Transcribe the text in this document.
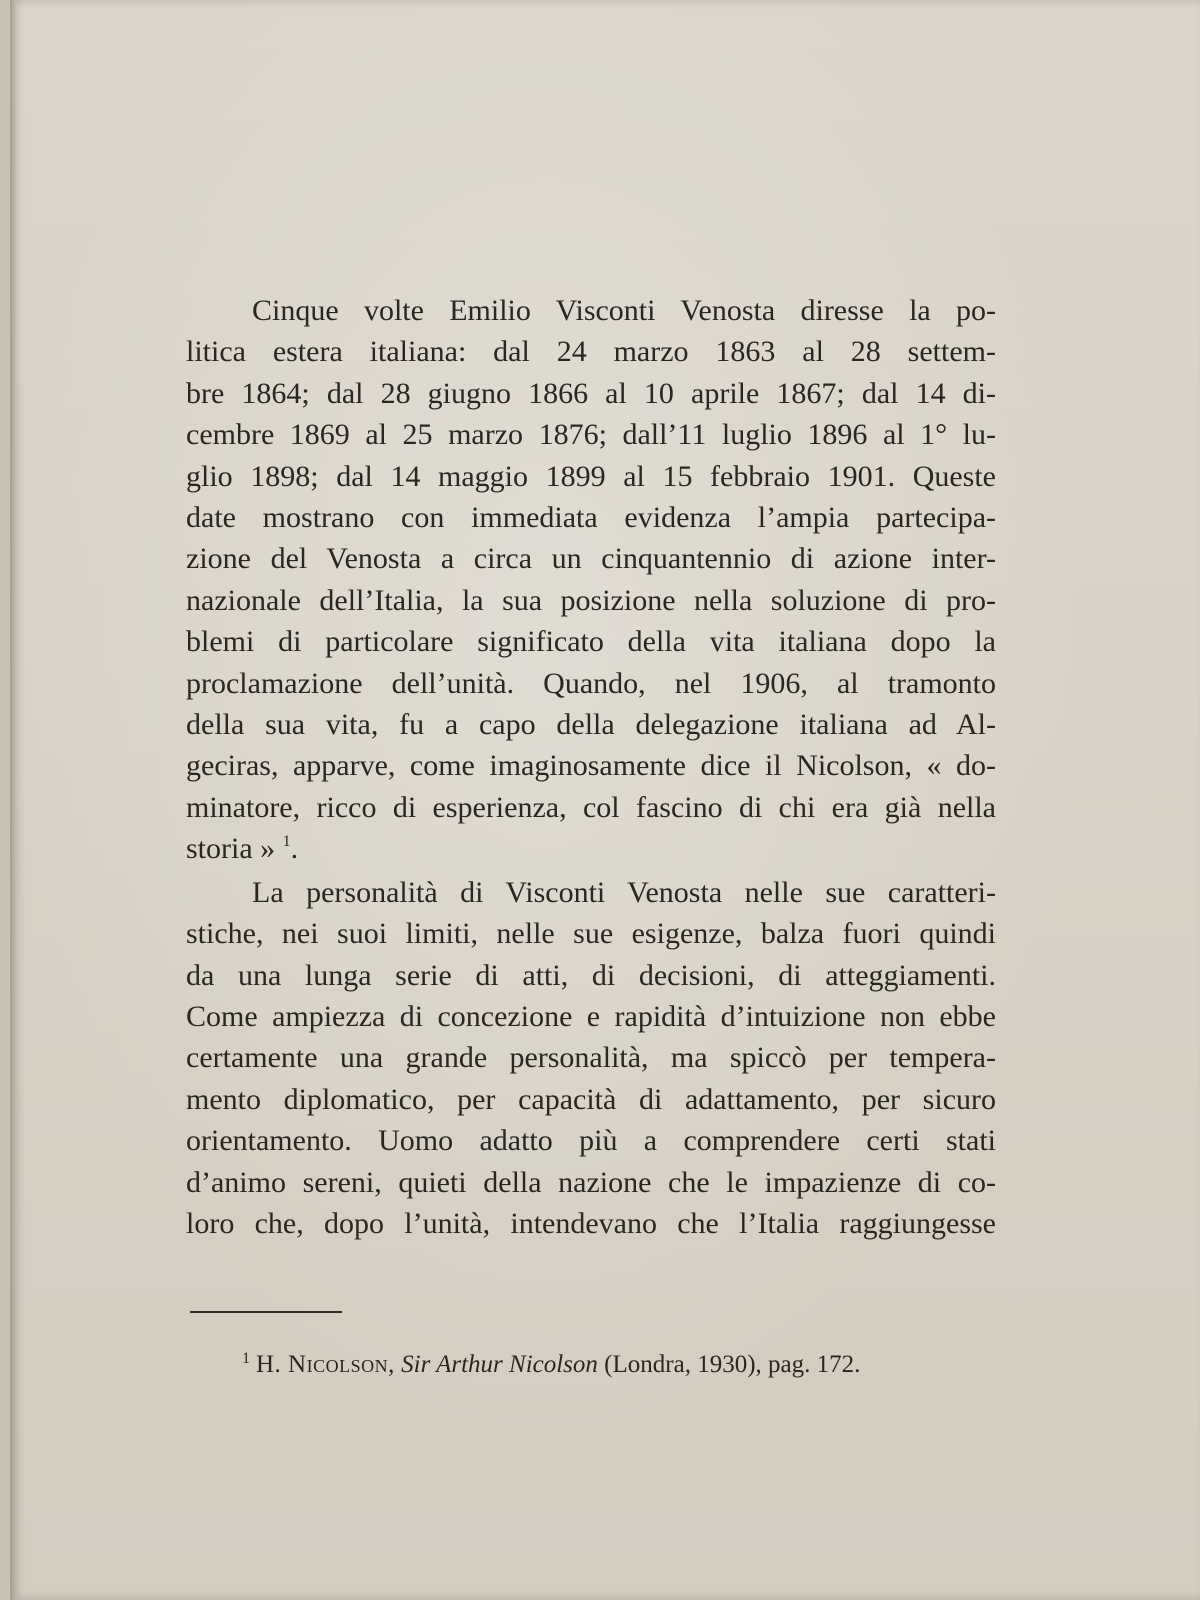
Cinque volte Emilio Visconti Venosta diresse la po-
litica estera italiana: dal 24 marzo 1863 al 28 settem-
bre 1864; dal 28 giugno 1866 al 10 aprile 1867; dal 14 di-
cembre 1869 al 25 marzo 1876; dall’11 luglio 1896 al 1° lu-
glio 1898; dal 14 maggio 1899 al 15 febbraio 1901. Queste
date mostrano con immediata evidenza l’ampia partecipa-
zione del Venosta a circa un cinquantennio di azione inter-
nazionale dell’Italia, la sua posizione nella soluzione di pro-
blemi di particolare significato della vita italiana dopo la
proclamazione dell’unità. Quando, nel 1906, al tramonto
della sua vita, fu a capo della delegazione italiana ad Al-
geciras, apparve, come imaginosamente dice il Nicolson, « do-
minatore, ricco di esperienza, col fascino di chi era già nella
storia » $^1$.
La personalità di Visconti Venosta nelle sue caratteri-
stiche, nei suoi limiti, nelle sue esigenze, balza fuori quindi
da una lunga serie di atti, di decisioni, di atteggiamenti.
Come ampiezza di concezione e rapidità d’intuizione non ebbe
certamente una grande personalità, ma spiccò per tempera-
mento diplomatico, per capacità di adattamento, per sicuro
orientamento. Uomo adatto più a comprendere certi stati
d’animo sereni, quieti della nazione che le impazienze di co-
loro che, dopo l’unità, intendevano che l’Italia raggiungesse
$^1$ H. Nicolson, Sir Arthur Nicolson (Londra, 1930), pag. 172.
